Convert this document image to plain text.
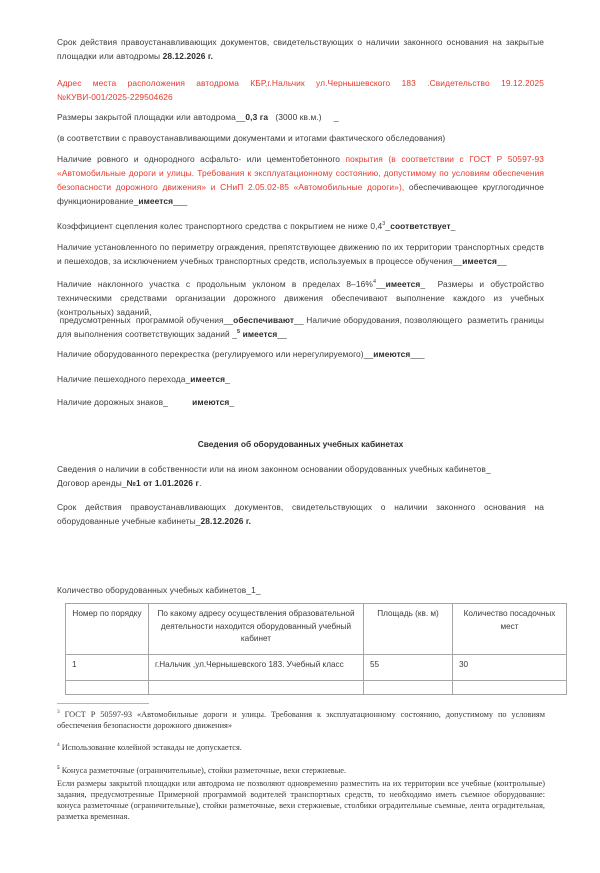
Срок действия правоустанавливающих документов, свидетельствующих о наличии законного основания на закрытые площадки или автодромы 28.12.2026 г.
Адрес места расположения автодрома КБР,г.Нальчик ул.Чернышевского 183 .Свидетельство 19.12.2025 №КУВИ-001/2025-229504626
Размеры закрытой площадки или автодрома__0,3 га   (3000 кв.м.)     _
(в соответствии с правоустанавливающими документами и итогами фактического обследования)
Наличие ровного и однородного асфальто- или цементобетонного покрытия (в соответствии с ГОСТ Р 50597-93 «Автомобильные дороги и улицы. Требования к эксплуатационному состоянию, допустимому по условиям обеспечения безопасности дорожного движения» и СНиП 2.05.02-85 «Автомобильные дороги»), обеспечивающее круглогодичное функционирование_имеется___
Коэффициент сцепления колес транспортного средства с покрытием не ниже $0,4^3\_соответствует\_$
Наличие установленного по периметру ограждения, препятствующее движению по их территории транспортных средств и пешеходов, за исключением учебных транспортных средств, используемых в процессе обучения__имеется__
Наличие наклонного участка с продольным уклоном в пределах 8–16%$^4$__имеется_  Размеры и обустройство техническими средствами организации дорожного движения обеспечивают выполнение каждого из учебных (контрольных) заданий,
предусмотренных  программой обучения__обеспечивают__ Наличие оборудования, позволяющего  разметить границы для выполнения соответствующих заданий _$^5$ имеется__
Наличие оборудованного перекрестка (регулируемого или нерегулируемого)__имеются___
Наличие пешеходного перехода_имеется_
Наличие дорожных знаков_	имеются_
Сведения об оборудованных учебных кабинетах
Сведения о наличии в собственности или на ином законном основании оборудованных учебных кабинетов_
Договор аренды_№1 от 1.01.2026 г.
Срок действия правоустанавливающих документов, свидетельствующих о наличии законного основания на оборудованные учебные кабинеты_28.12.2026 г.
Количество оборудованных учебных кабинетов_1_
Номер по порядку	По какому адресу осуществления образовательной деятельности находится оборудованный учебный кабинет	Площадь (кв. м)	Количество посадочных мест
1	г.Нальчик ,ул.Чернышевского 183. Учебный класс	55	30

$^3$ ГОСТ Р 50597-93 «Автомобильные дороги и улицы. Требования к эксплуатационному состоянию, допустимому по условиям обеспечения безопасности дорожного движения»
$^4$ Использование колейной эстакады не допускается.
$^5$ Конуса разметочные (ограничительные), стойки разметочные, вехи стержневые.
Если размеры закрытой площадки или автодрома не позволяют одновременно разместить на их территории все учебные (контрольные) задания, предусмотренные Примерной программой водителей транспортных средств, то необходимо иметь съемное оборудование: конуса разметочные (ограничительные), стойки разметочные, вехи стержневые, столбики оградительные съемные, лента оградительная, разметка временная.
